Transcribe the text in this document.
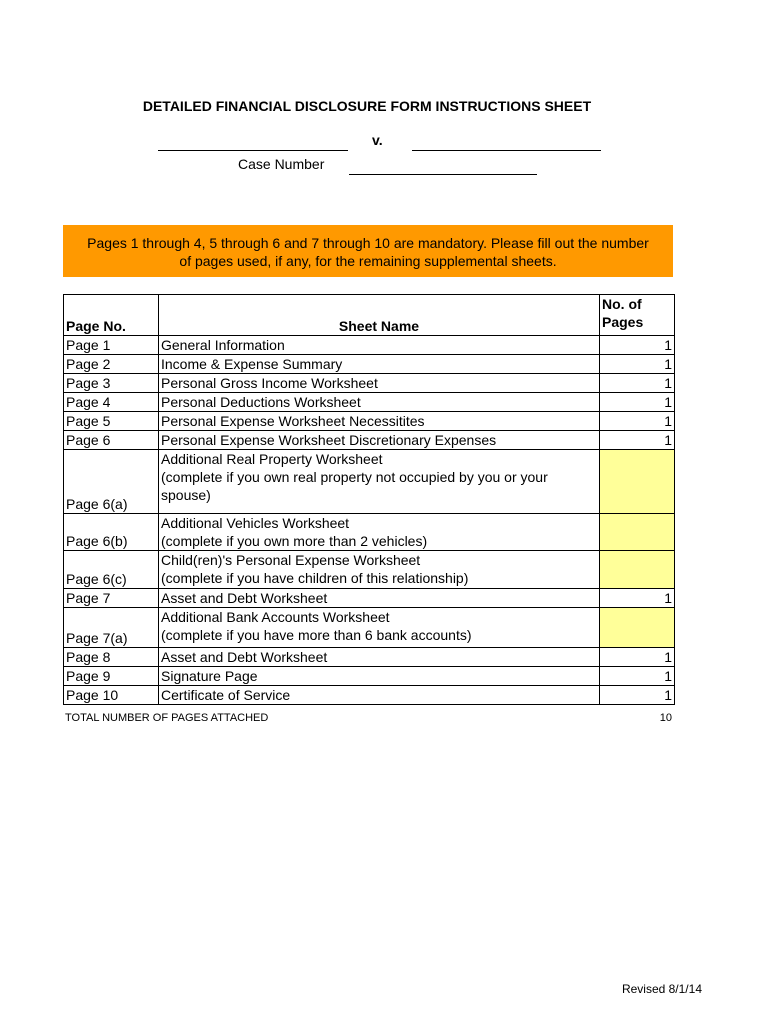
DETAILED FINANCIAL DISCLOSURE FORM INSTRUCTIONS SHEET
v.
Case Number
Pages 1 through 4, 5 through 6 and 7 through 10 are mandatory. Please fill out the number of pages used, if any, for the remaining supplemental sheets.
Page No.	Sheet Name	No. of Pages
Page 1	General Information	1
Page 2	Income & Expense Summary	1
Page 3	Personal Gross Income Worksheet	1
Page 4	Personal Deductions Worksheet	1
Page 5	Personal Expense Worksheet Necessitites	1
Page 6	Personal Expense Worksheet Discretionary Expenses	1
Page 6(a)	Additional Real Property Worksheet
(complete if you own real property not occupied by you or your spouse)	

Page 6(b)	Additional Vehicles Worksheet
(complete if you own more than 2 vehicles)	

Page 6(c)	Child(ren)'s Personal Expense Worksheet
(complete if you have children of this relationship)	

Page 7	Asset and Debt Worksheet	1
Page 7(a)	Additional Bank Accounts Worksheet
(complete if you have more than 6 bank accounts)	

Page 8	Asset and Debt Worksheet	1
Page 9	Signature Page	1
Page 10	Certificate of Service	1
TOTAL NUMBER OF PAGES ATTACHED	10
Revised 8/1/14
